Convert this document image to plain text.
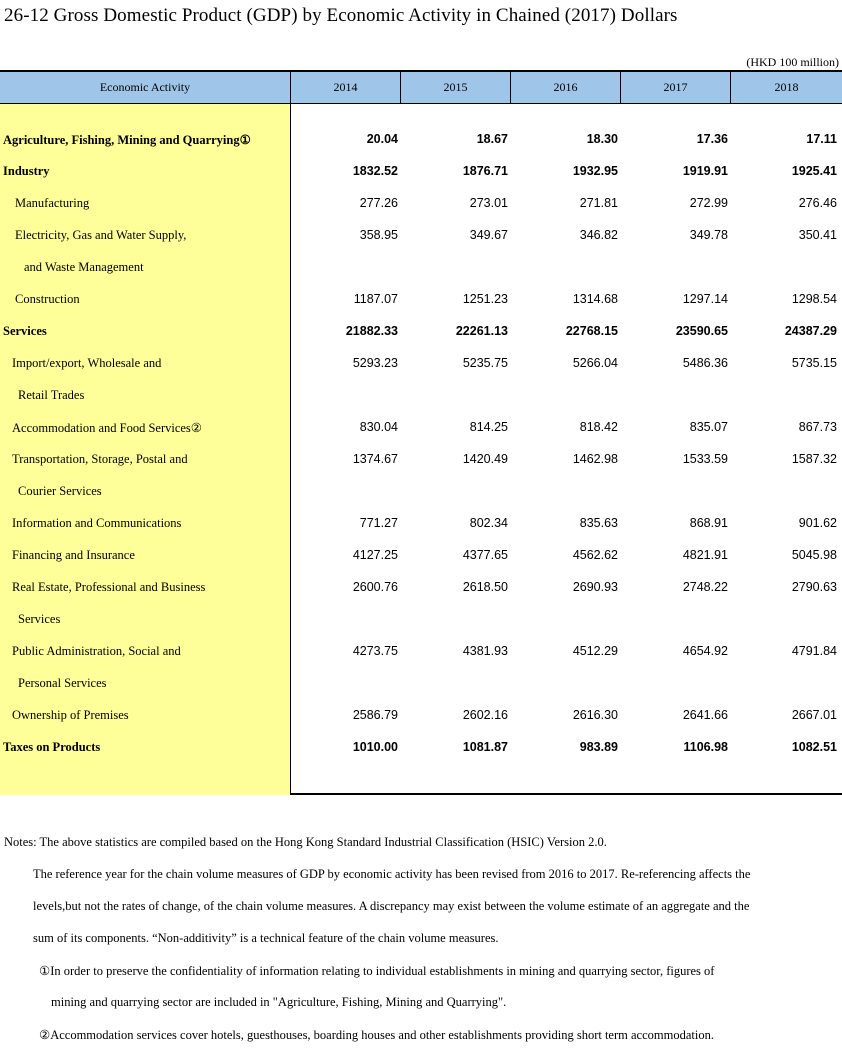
26-12 Gross Domestic Product (GDP) by Economic Activity in Chained (2017) Dollars
(HKD 100 million)
Economic Activity	2014	2015	2016	2017	2018
Agriculture, Fishing, Mining and Quarrying①	20.04	18.67	18.30	17.36	17.11
Industry	1832.52	1876.71	1932.95	1919.91	1925.41
Manufacturing	277.26	273.01	271.81	272.99	276.46
Electricity, Gas and Water Supply,	358.95	349.67	346.82	349.78	350.41
and Waste Management
Construction	1187.07	1251.23	1314.68	1297.14	1298.54
Services	21882.33	22261.13	22768.15	23590.65	24387.29
Import/export, Wholesale and	5293.23	5235.75	5266.04	5486.36	5735.15
Retail Trades
Accommodation and Food Services②	830.04	814.25	818.42	835.07	867.73
Transportation, Storage, Postal and	1374.67	1420.49	1462.98	1533.59	1587.32
Courier Services
Information and Communications	771.27	802.34	835.63	868.91	901.62
Financing and Insurance	4127.25	4377.65	4562.62	4821.91	5045.98
Real Estate, Professional and Business	2600.76	2618.50	2690.93	2748.22	2790.63
Services
Public Administration, Social and	4273.75	4381.93	4512.29	4654.92	4791.84
Personal Services
Ownership of Premises	2586.79	2602.16	2616.30	2641.66	2667.01
Taxes on Products	1010.00	1081.87	983.89	1106.98	1082.51
Notes: The above statistics are compiled based on the Hong Kong Standard Industrial Classification (HSIC) Version 2.0.
The reference year for the chain volume measures of GDP by economic activity has been revised from 2016 to 2017. Re-referencing affects the
levels,but not the rates of change, of the chain volume measures. A discrepancy may exist between the volume estimate of an aggregate and the
sum of its components. “Non-additivity” is a technical feature of the chain volume measures.
①In order to preserve the confidentiality of information relating to individual establishments in mining and quarrying sector, figures of
mining and quarrying sector are included in "Agriculture, Fishing, Mining and Quarrying".
②Accommodation services cover hotels, guesthouses, boarding houses and other establishments providing short term accommodation.
